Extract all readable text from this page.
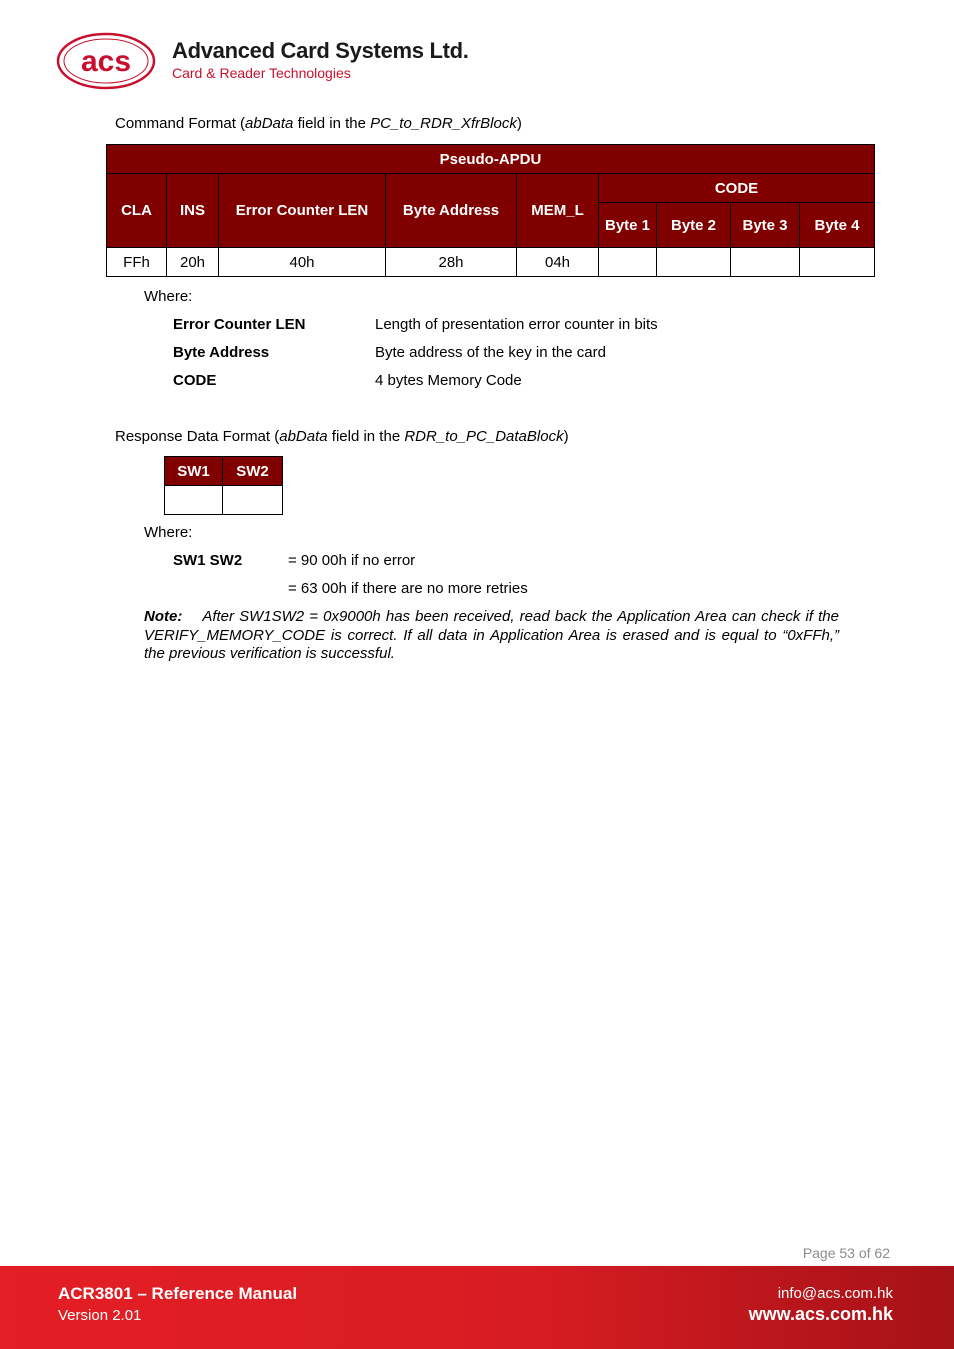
acs Advanced Card Systems Ltd.
Card & Reader Technologies
Command Format (abData field in the PC_to_RDR_XfrBlock)
Pseudo-APDU								
CLA	INS	Error Counter LEN	Byte Address	MEM_L	CODE			
					Byte 1	Byte 2	Byte 3	Byte 4
FFh	20h	40h	28h	04h				
Where:
Error Counter LEN	Length of presentation error counter in bits
Byte Address	Byte address of the key in the card
CODE	4 bytes Memory Code
Response Data Format (abData field in the RDR_to_PC_DataBlock)
SW1	SW2

Where:
SW1 SW2	= 90 00h if no error
= 63 00h if there are no more retries
Note: After SW1SW2 = 0x9000h has been received, read back the Application Area can check if the VERIFY_MEMORY_CODE is correct. If all data in Application Area is erased and is equal to “0xFFh,” the previous verification is successful.
Page 53 of 62
ACR3801 – Reference Manual
Version 2.01
info@acs.com.hk
www.acs.com.hk
